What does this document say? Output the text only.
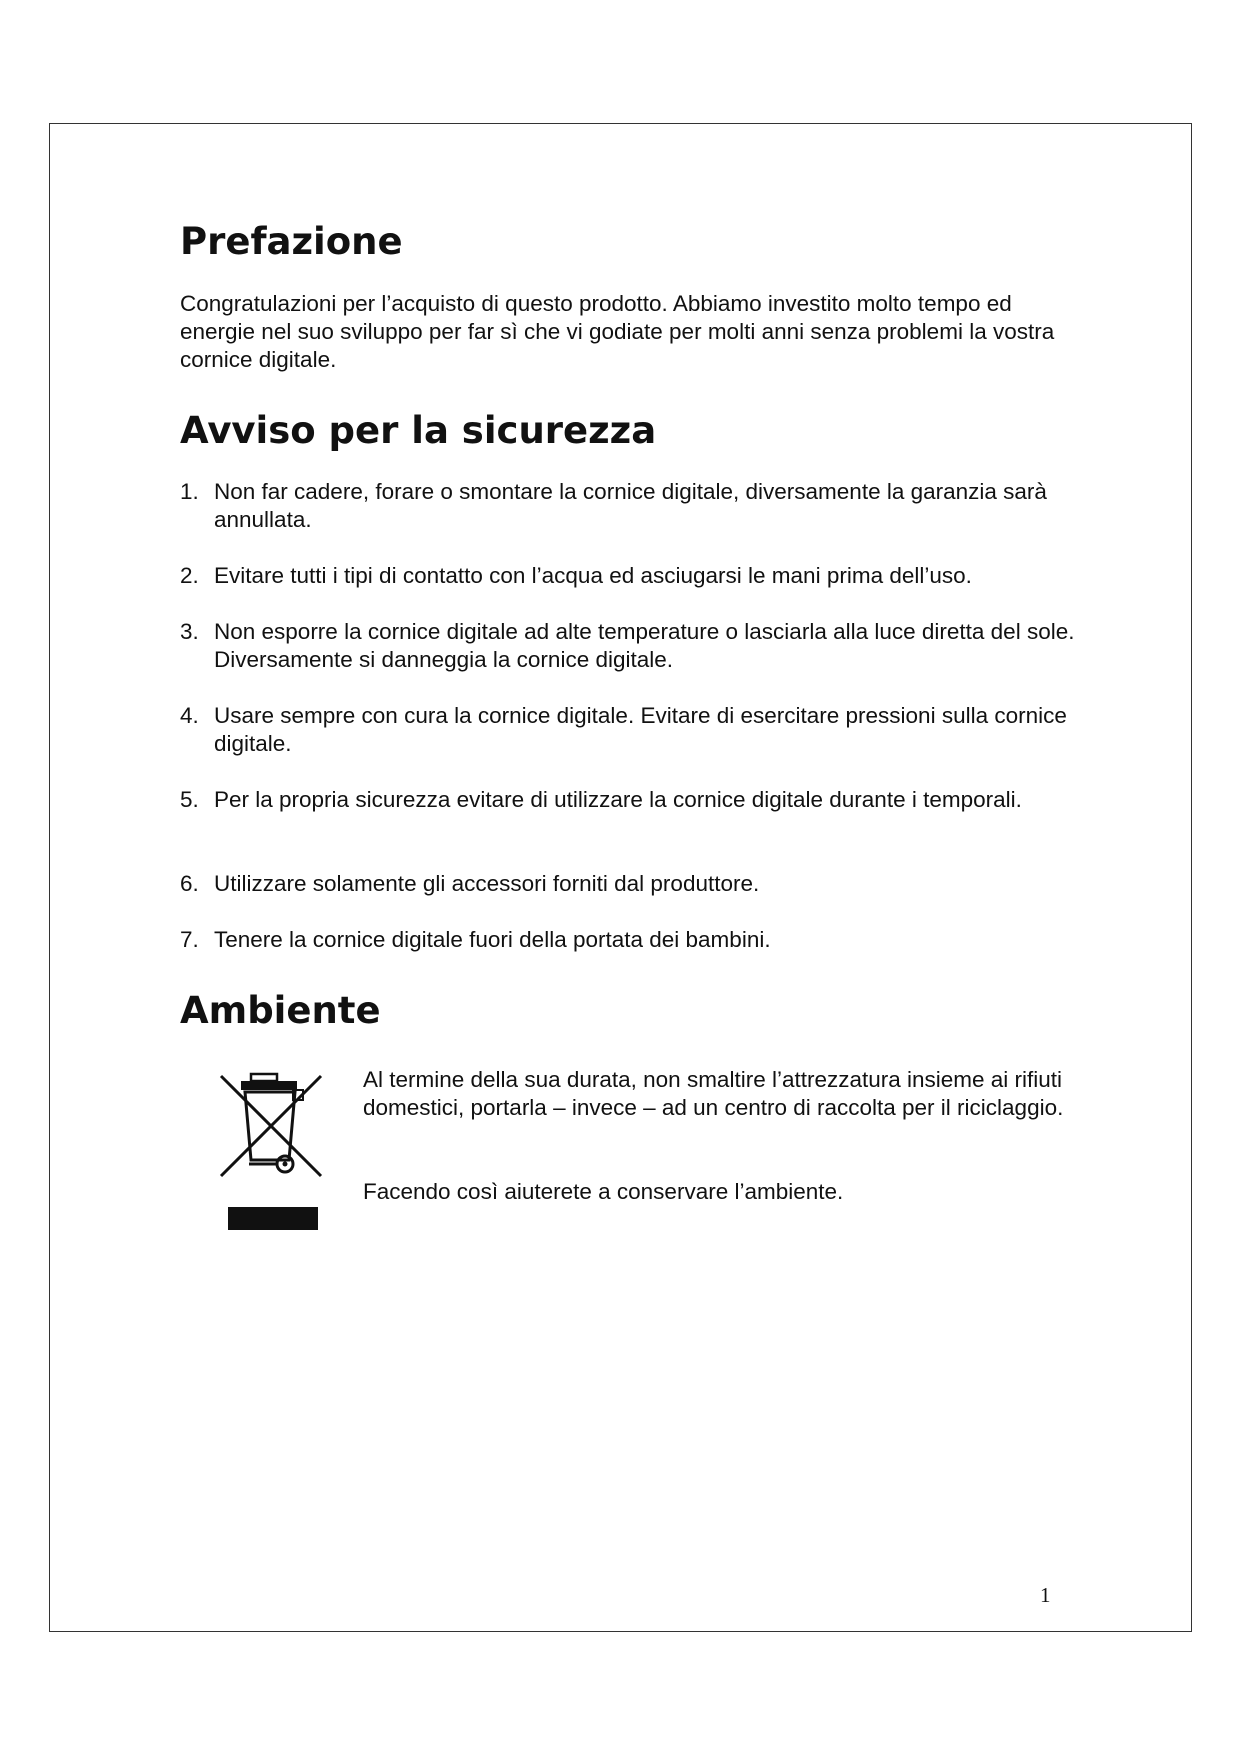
Prefazione

Congratulazioni per l’acquisto di questo prodotto. Abbiamo investito molto tempo ed energie nel suo sviluppo per far sì che vi godiate per molti anni senza problemi la vostra cornice digitale.

Avviso per la sicurezza
1. Non far cadere, forare o smontare la cornice digitale, diversamente la garanzia sarà annullata.
2. Evitare tutti i tipi di contatto con l’acqua ed asciugarsi le mani prima dell’uso.
3. Non esporre la cornice digitale ad alte temperature o lasciarla alla luce diretta del sole. Diversamente si danneggia la cornice digitale.
4. Usare sempre con cura la cornice digitale. Evitare di esercitare pressioni sulla cornice digitale.
5. Per la propria sicurezza evitare di utilizzare la cornice digitale durante i temporali.
6. Utilizzare solamente gli accessori forniti dal produttore.
7. Tenere la cornice digitale fuori della portata dei bambini.
Ambiente

Al termine della sua durata, non smaltire l’attrezzatura insieme ai rifiuti domestici, portarla – invece – ad un centro di raccolta per il riciclaggio.

Facendo così aiuterete a conservare l’ambiente.

1
